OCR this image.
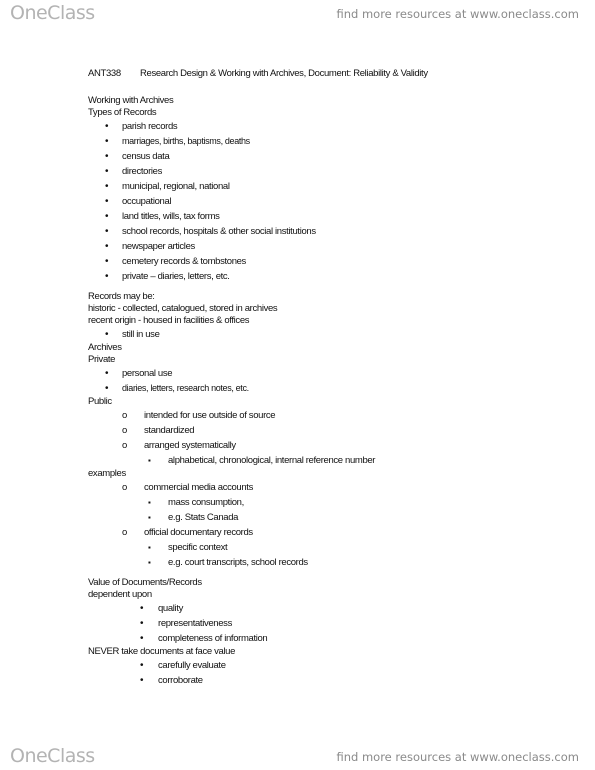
OneClass	find more resources at www.oneclass.com
ANT338 Research Design & Working with Archives, Document: Reliability & Validity
Working with Archives
Types of Records
• parish records
• marriages, births, baptisms, deaths
• census data
• directories
• municipal, regional, national
• occupational
• land titles, wills, tax forms
• school records, hospitals & other social institutions
• newspaper articles
• cemetery records & tombstones
• private – diaries, letters, etc.
Records may be:
historic - collected, catalogued, stored in archives
recent origin - housed in facilities & offices
• still in use
Archives
Private
• personal use
• diaries, letters, research notes, etc.
Public
o intended for use outside of source
o standardized
o arranged systematically
▪ alphabetical, chronological, internal reference number
examples
o commercial media accounts
▪ mass consumption,
▪ e.g. Stats Canada
o official documentary records
▪ specific context
▪ e.g. court transcripts, school records
Value of Documents/Records
dependent upon
• quality
• representativeness
• completeness of information
NEVER take documents at face value
• carefully evaluate
• corroborate
OneClass	find more resources at www.oneclass.com
